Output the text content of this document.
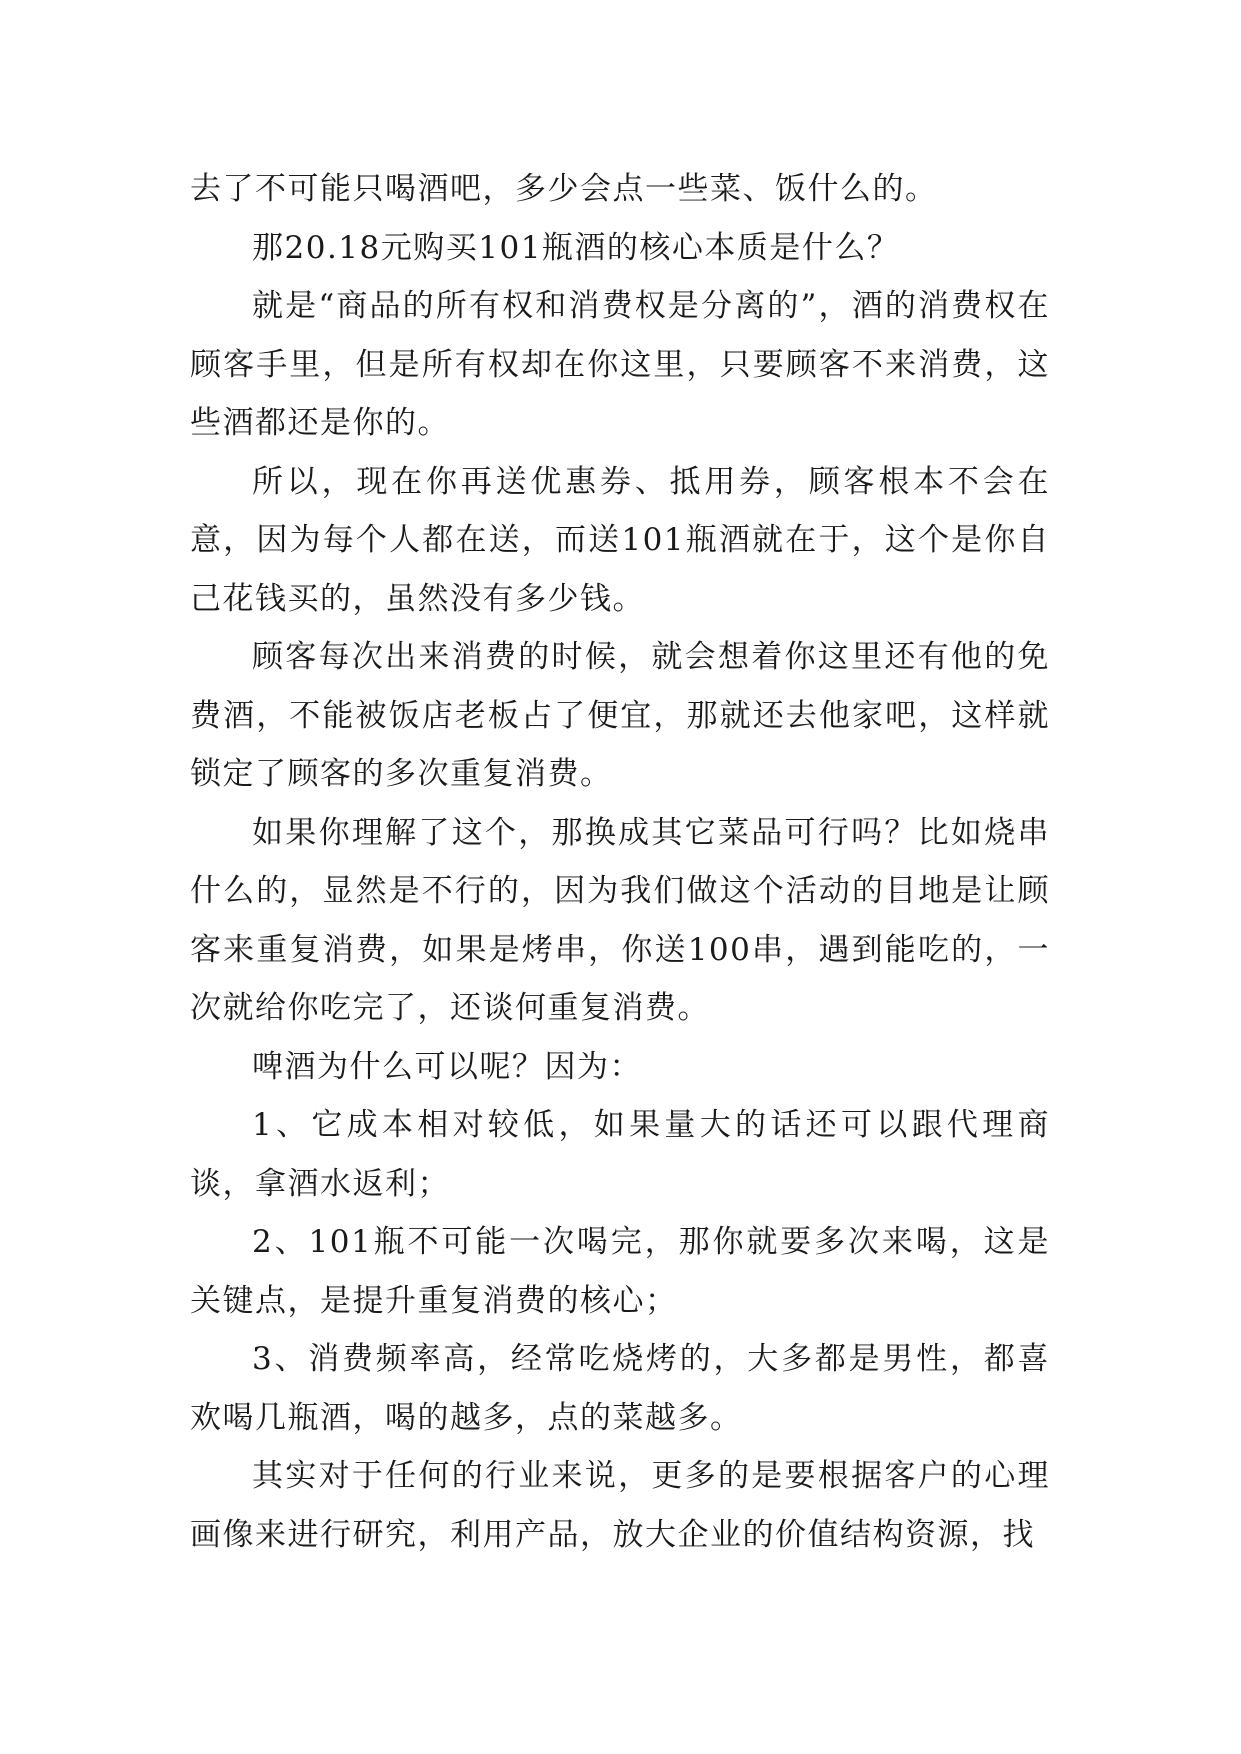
去了不可能只喝酒吧，多少会点一些菜、饭什么的。

那20.18元购买101瓶酒的核心本质是什么？

就是“商品的所有权和消费权是分离的”，酒的消费权在顾客手里，但是所有权却在你这里，只要顾客不来消费，这些酒都还是你的。

所以，现在你再送优惠券、抵用券，顾客根本不会在意，因为每个人都在送，而送101瓶酒就在于，这个是你自己花钱买的，虽然没有多少钱。

顾客每次出来消费的时候，就会想着你这里还有他的免费酒，不能被饭店老板占了便宜，那就还去他家吧，这样就锁定了顾客的多次重复消费。

如果你理解了这个，那换成其它菜品可行吗？比如烧串什么的，显然是不行的，因为我们做这个活动的目地是让顾客来重复消费，如果是烤串，你送100串，遇到能吃的，一次就给你吃完了，还谈何重复消费。

啤酒为什么可以呢？因为：

1、它成本相对较低，如果量大的话还可以跟代理商谈，拿酒水返利；

2、101瓶不可能一次喝完，那你就要多次来喝，这是关键点，是提升重复消费的核心；

3、消费频率高，经常吃烧烤的，大多都是男性，都喜欢喝几瓶酒，喝的越多，点的菜越多。

其实对于任何的行业来说，更多的是要根据客户的心理画像来进行研究，利用产品，放大企业的价值结构资源，找
